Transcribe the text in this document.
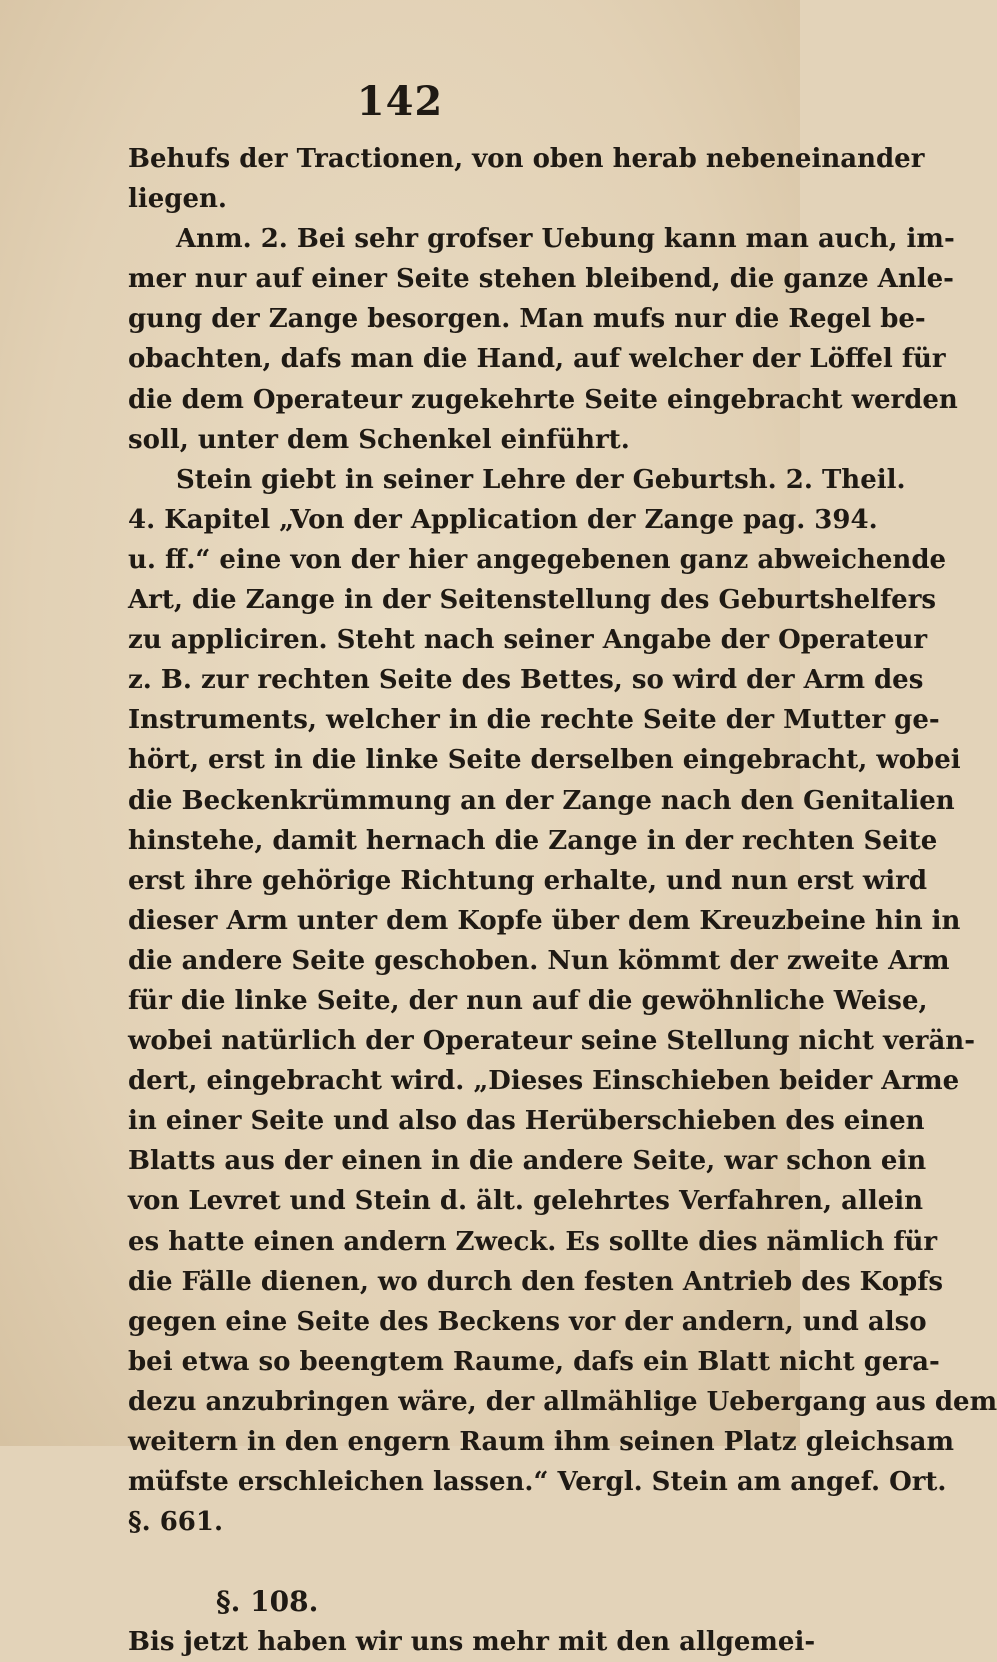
142
Behufs der Tractionen, von oben herab nebeneinander
liegen.
Anm. 2. Bei sehr grofser Uebung kann man auch, im-
mer nur auf einer Seite stehen bleibend, die ganze Anle-
gung der Zange besorgen. Man mufs nur die Regel be-
obachten, dafs man die Hand, auf welcher der Löffel für
die dem Operateur zugekehrte Seite eingebracht werden
soll, unter dem Schenkel einführt.
Stein giebt in seiner Lehre der Geburtsh. 2. Theil.
4. Kapitel „Von der Application der Zange pag. 394.
u. ff.“ eine von der hier angegebenen ganz abweichende
Art, die Zange in der Seitenstellung des Geburtshelfers
zu appliciren. Steht nach seiner Angabe der Operateur
z. B. zur rechten Seite des Bettes, so wird der Arm des
Instruments, welcher in die rechte Seite der Mutter ge-
hört, erst in die linke Seite derselben eingebracht, wobei
die Beckenkrümmung an der Zange nach den Genitalien
hinstehe, damit hernach die Zange in der rechten Seite
erst ihre gehörige Richtung erhalte, und nun erst wird
dieser Arm unter dem Kopfe über dem Kreuzbeine hin in
die andere Seite geschoben. Nun kömmt der zweite Arm
für die linke Seite, der nun auf die gewöhnliche Weise,
wobei natürlich der Operateur seine Stellung nicht verän-
dert, eingebracht wird. „Dieses Einschieben beider Arme
in einer Seite und also das Herüberschieben des einen
Blatts aus der einen in die andere Seite, war schon ein
von Levret und Stein d. ält. gelehrtes Verfahren, allein
es hatte einen andern Zweck. Es sollte dies nämlich für
die Fälle dienen, wo durch den festen Antrieb des Kopfs
gegen eine Seite des Beckens vor der andern, und also
bei etwa so beengtem Raume, dafs ein Blatt nicht gera-
dezu anzubringen wäre, der allmählige Uebergang aus dem
weitern in den engern Raum ihm seinen Platz gleichsam
müfste erschleichen lassen.“ Vergl. Stein am angef. Ort.
§. 661.
§. 108.
Bis jetzt haben wir uns mehr mit den allgemei-
